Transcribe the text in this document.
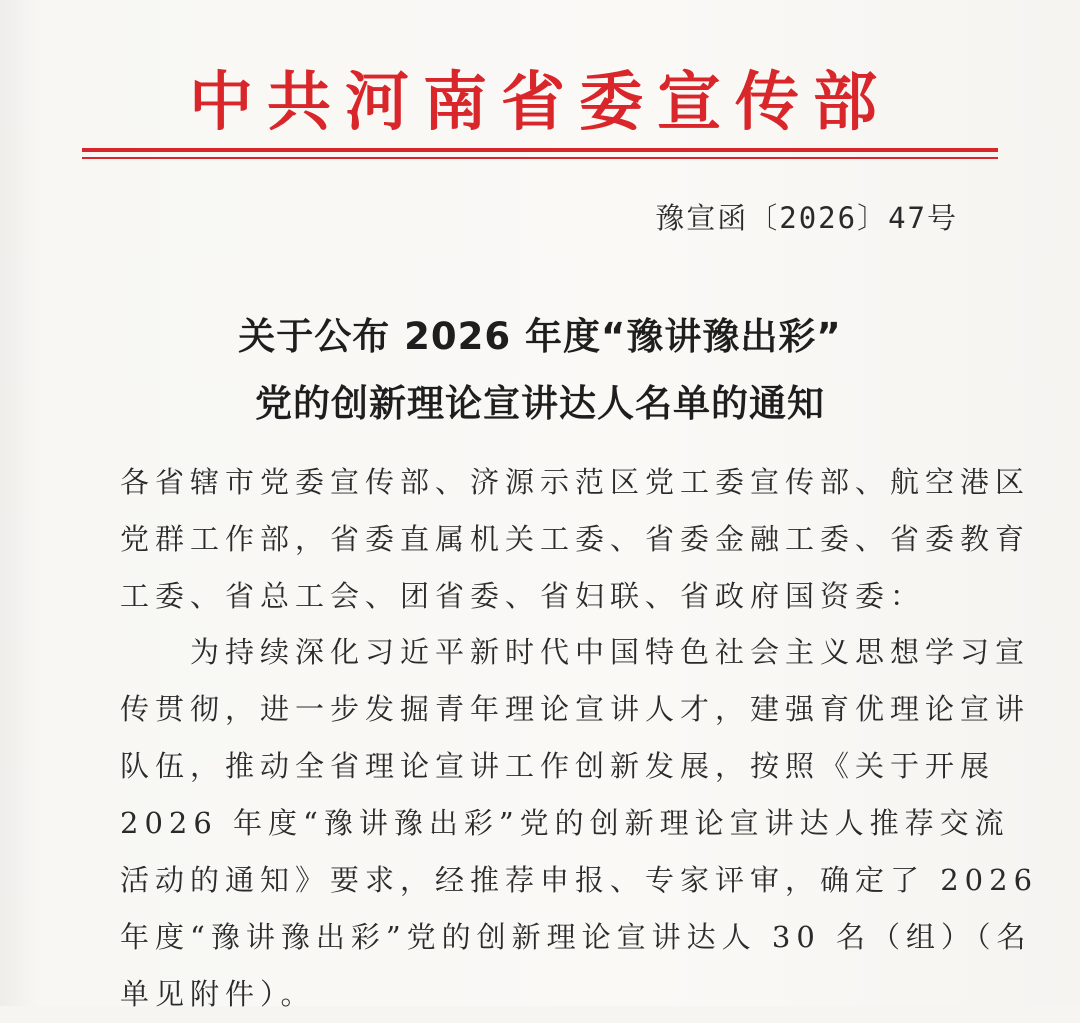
中共河南省委宣传部
豫宣函〔2026〕47号
关于公布 2026 年度“豫讲豫出彩”
党的创新理论宣讲达人名单的通知
各省辖市党委宣传部、济源示范区党工委宣传部、航空港区
党群工作部，省委直属机关工委、省委金融工委、省委教育
工委、省总工会、团省委、省妇联、省政府国资委：
　　为持续深化习近平新时代中国特色社会主义思想学习宣
传贯彻，进一步发掘青年理论宣讲人才，建强育优理论宣讲
队伍，推动全省理论宣讲工作创新发展，按照《关于开展
2026 年度“豫讲豫出彩”党的创新理论宣讲达人推荐交流
活动的通知》要求，经推荐申报、专家评审，确定了 2026
年度“豫讲豫出彩”党的创新理论宣讲达人 30 名（组）（名
单见附件）。
